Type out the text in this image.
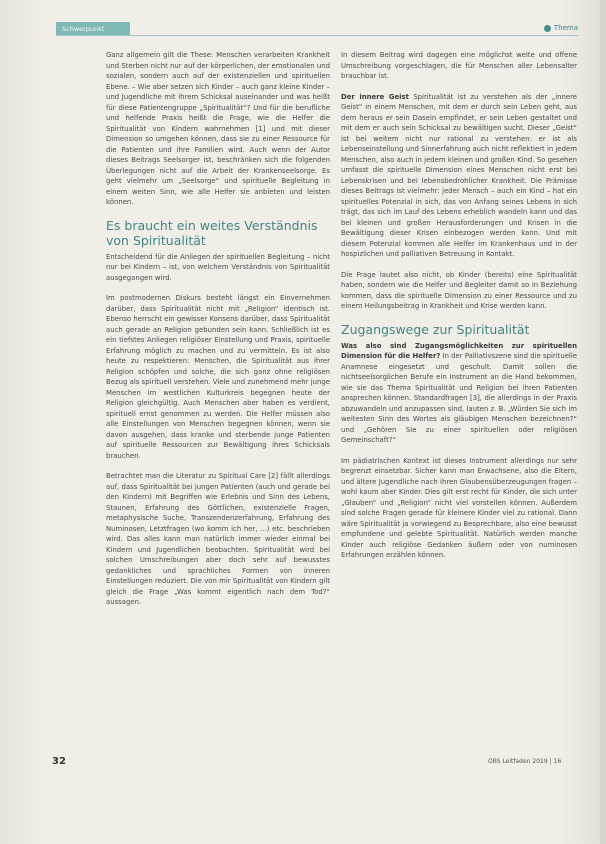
Schwerpunkt	Thema

Ganz allgemein gilt die These: Menschen verarbeiten Krankheit und Sterben nicht nur auf der körperlichen, der emotionalen und sozialen, sondern auch auf der existenziellen und spirituellen Ebene. – Wie aber setzen sich Kinder – auch ganz kleine Kinder – und Jugendliche mit ihrem Schicksal auseinander und was heißt für diese Patientengruppe „Spiritualität“? Und für die berufliche und helfende Praxis heißt die Frage, wie die Helfer die Spiritualität von Kindern wahrnehmen [1] und mit dieser Dimension so umgehen können, dass sie zu einer Ressource für die Patienten und ihre Familien wird. Auch wenn der Autor dieses Beitrags Seelsorger ist, beschränken sich die folgenden Überlegungen nicht auf die Arbeit der Krankenseelsorge. Es geht vielmehr um „Seelsorge“ und spirituelle Begleitung in einem weiten Sinn, wie alle Helfer sie anbieten und leisten können.

Es braucht ein weites Verständnis von Spiritualität

Entscheidend für die Anliegen der spirituellen Begleitung – nicht nur bei Kindern – ist, von welchem Verständnis von Spiritualität ausgegangen wird.

Im postmodernen Diskurs besteht längst ein Einvernehmen darüber, dass Spiritualität nicht mit „Religion“ identisch ist. Ebenso herrscht ein gewisser Konsens darüber, dass Spiritualität auch gerade an Religion gebunden sein kann. Schließlich ist es ein tiefstes Anliegen religiöser Einstellung und Praxis, spirituelle Erfahrung möglich zu machen und zu vermitteln. Es ist also heute zu respektieren: Menschen, die Spiritualität aus ihrer Religion schöpfen und solche, die sich ganz ohne religiösen Bezug als spirituell verstehen. Viele und zunehmend mehr junge Menschen im westlichen Kulturkreis begegnen heute der Religion gleichgültig. Auch Menschen aber haben es verdient, spirituell ernst genommen zu werden. Die Helfer müssen also alle Einstellungen von Menschen begegnen können, wenn sie davon ausgehen, dass kranke und sterbende junge Patienten auf spirituelle Ressourcen zur Bewältigung ihres Schicksals brauchen.

Betrachtet man die Literatur zu Spiritual Care [2] fällt allerdings auf, dass Spiritualität bei jungen Patienten (auch und gerade bei den Kindern) mit Begriffen wie Erlebnis und Sinn des Lebens, Staunen, Erfahrung des Göttlichen, existenzielle Fragen, metaphysische Suche, Transzendenzerfahrung, Erfahrung des Numinosen, Letztfragen (wo komm ich her, ...) etc. beschrieben wird. Das alles kann man natürlich immer wieder einmal bei Kindern und Jugendlichen beobachten. Spiritualität wird bei solchen Umschreibungen aber doch sehr auf bewusstes gedankliches und sprachliches Formen von inneren Einstellungen reduziert. Die von mir Spiritualität von Kindern gilt gleich die Frage „Was kommt eigentlich nach dem Tod?“ aussagen.

In diesem Beitrag wird dagegen eine möglichst weite und offene Umschreibung vorgeschlagen, die für Menschen aller Lebensalter brauchbar ist.

Der innere Geist Spiritualität ist zu verstehen als der „innere Geist“ in einem Menschen, mit dem er durch sein Leben geht, aus dem heraus er sein Dasein empfindet, er sein Leben gestaltet und mit dem er auch sein Schicksal zu bewältigen sucht. Dieser „Geist“ ist bei weitem nicht nur rational zu verstehen: er ist als Lebenseinstellung und Sinnerfahrung auch nicht reflektiert in jedem Menschen, also auch in jedem kleinen und großen Kind. So gesehen umfasst die spirituelle Dimension eines Menschen nicht erst bei Lebenskrisen und bei lebensbedrohlicher Krankheit. Die Prämisse dieses Beitrags ist vielmehr: jeder Mensch – auch ein Kind – hat ein spirituelles Potenzial in sich, das von Anfang seines Lebens in sich trägt, das sich im Lauf des Lebens erheblich wandeln kann und das bei kleinen und großen Herausforderungen und Krisen in die Bewältigung dieser Krisen einbezogen werden kann. Und mit diesem Potenzial kommen alle Helfer im Krankenhaus und in der hospizlichen und palliativen Betreuung in Kontakt.

Die Frage lautet also nicht, ob Kinder (bereits) eine Spiritualität haben, sondern wie die Helfer und Begleiter damit so in Beziehung kommen, dass die spirituelle Dimension zu einer Ressource und zu einem Heilungsbeitrag in Krankheit und Krise werden kann.

Zugangswege zur Spiritualität

Was also sind Zugangsmöglichkeiten zur spirituellen Dimension für die Helfer? In der Palliativszene sind die spirituelle Anamnese eingesetzt und geschult. Damit sollen die nichtseelsorglichen Berufe ein Instrument an die Hand bekommen, wie sie das Thema Spiritualität und Religion bei ihren Patienten ansprechen können. Standardfragen [3], die allerdings in der Praxis abzuwandeln und anzupassen sind, lauten z. B. „Würden Sie sich im weitesten Sinn des Wortes als gläubigen Menschen bezeichnen?“ und „Gehören Sie zu einer spirituellen oder religiösen Gemeinschaft?“

Im pädiatrischen Kontext ist dieses Instrument allerdings nur sehr begrenzt einsetzbar. Sicher kann man Erwachsene, also die Eltern, und ältere Jugendliche nach ihren Glaubensüberzeugungen fragen – wohl kaum aber Kinder. Dies gilt erst recht für Kinder, die sich unter „Glauben“ und „Religion“ nicht viel vorstellen können. Außerdem sind solche Fragen gerade für kleinere Kinder viel zu rational. Dann wäre Spiritualität ja vorwiegend zu Besprechbare, also eine bewusst empfundene und gelebte Spiritualität. Natürlich werden manche Kinder auch religiöse Gedanken äußern oder von numinosen Erfahrungen erzählen können.

32	OBS Leitfaden 2019 | 16
